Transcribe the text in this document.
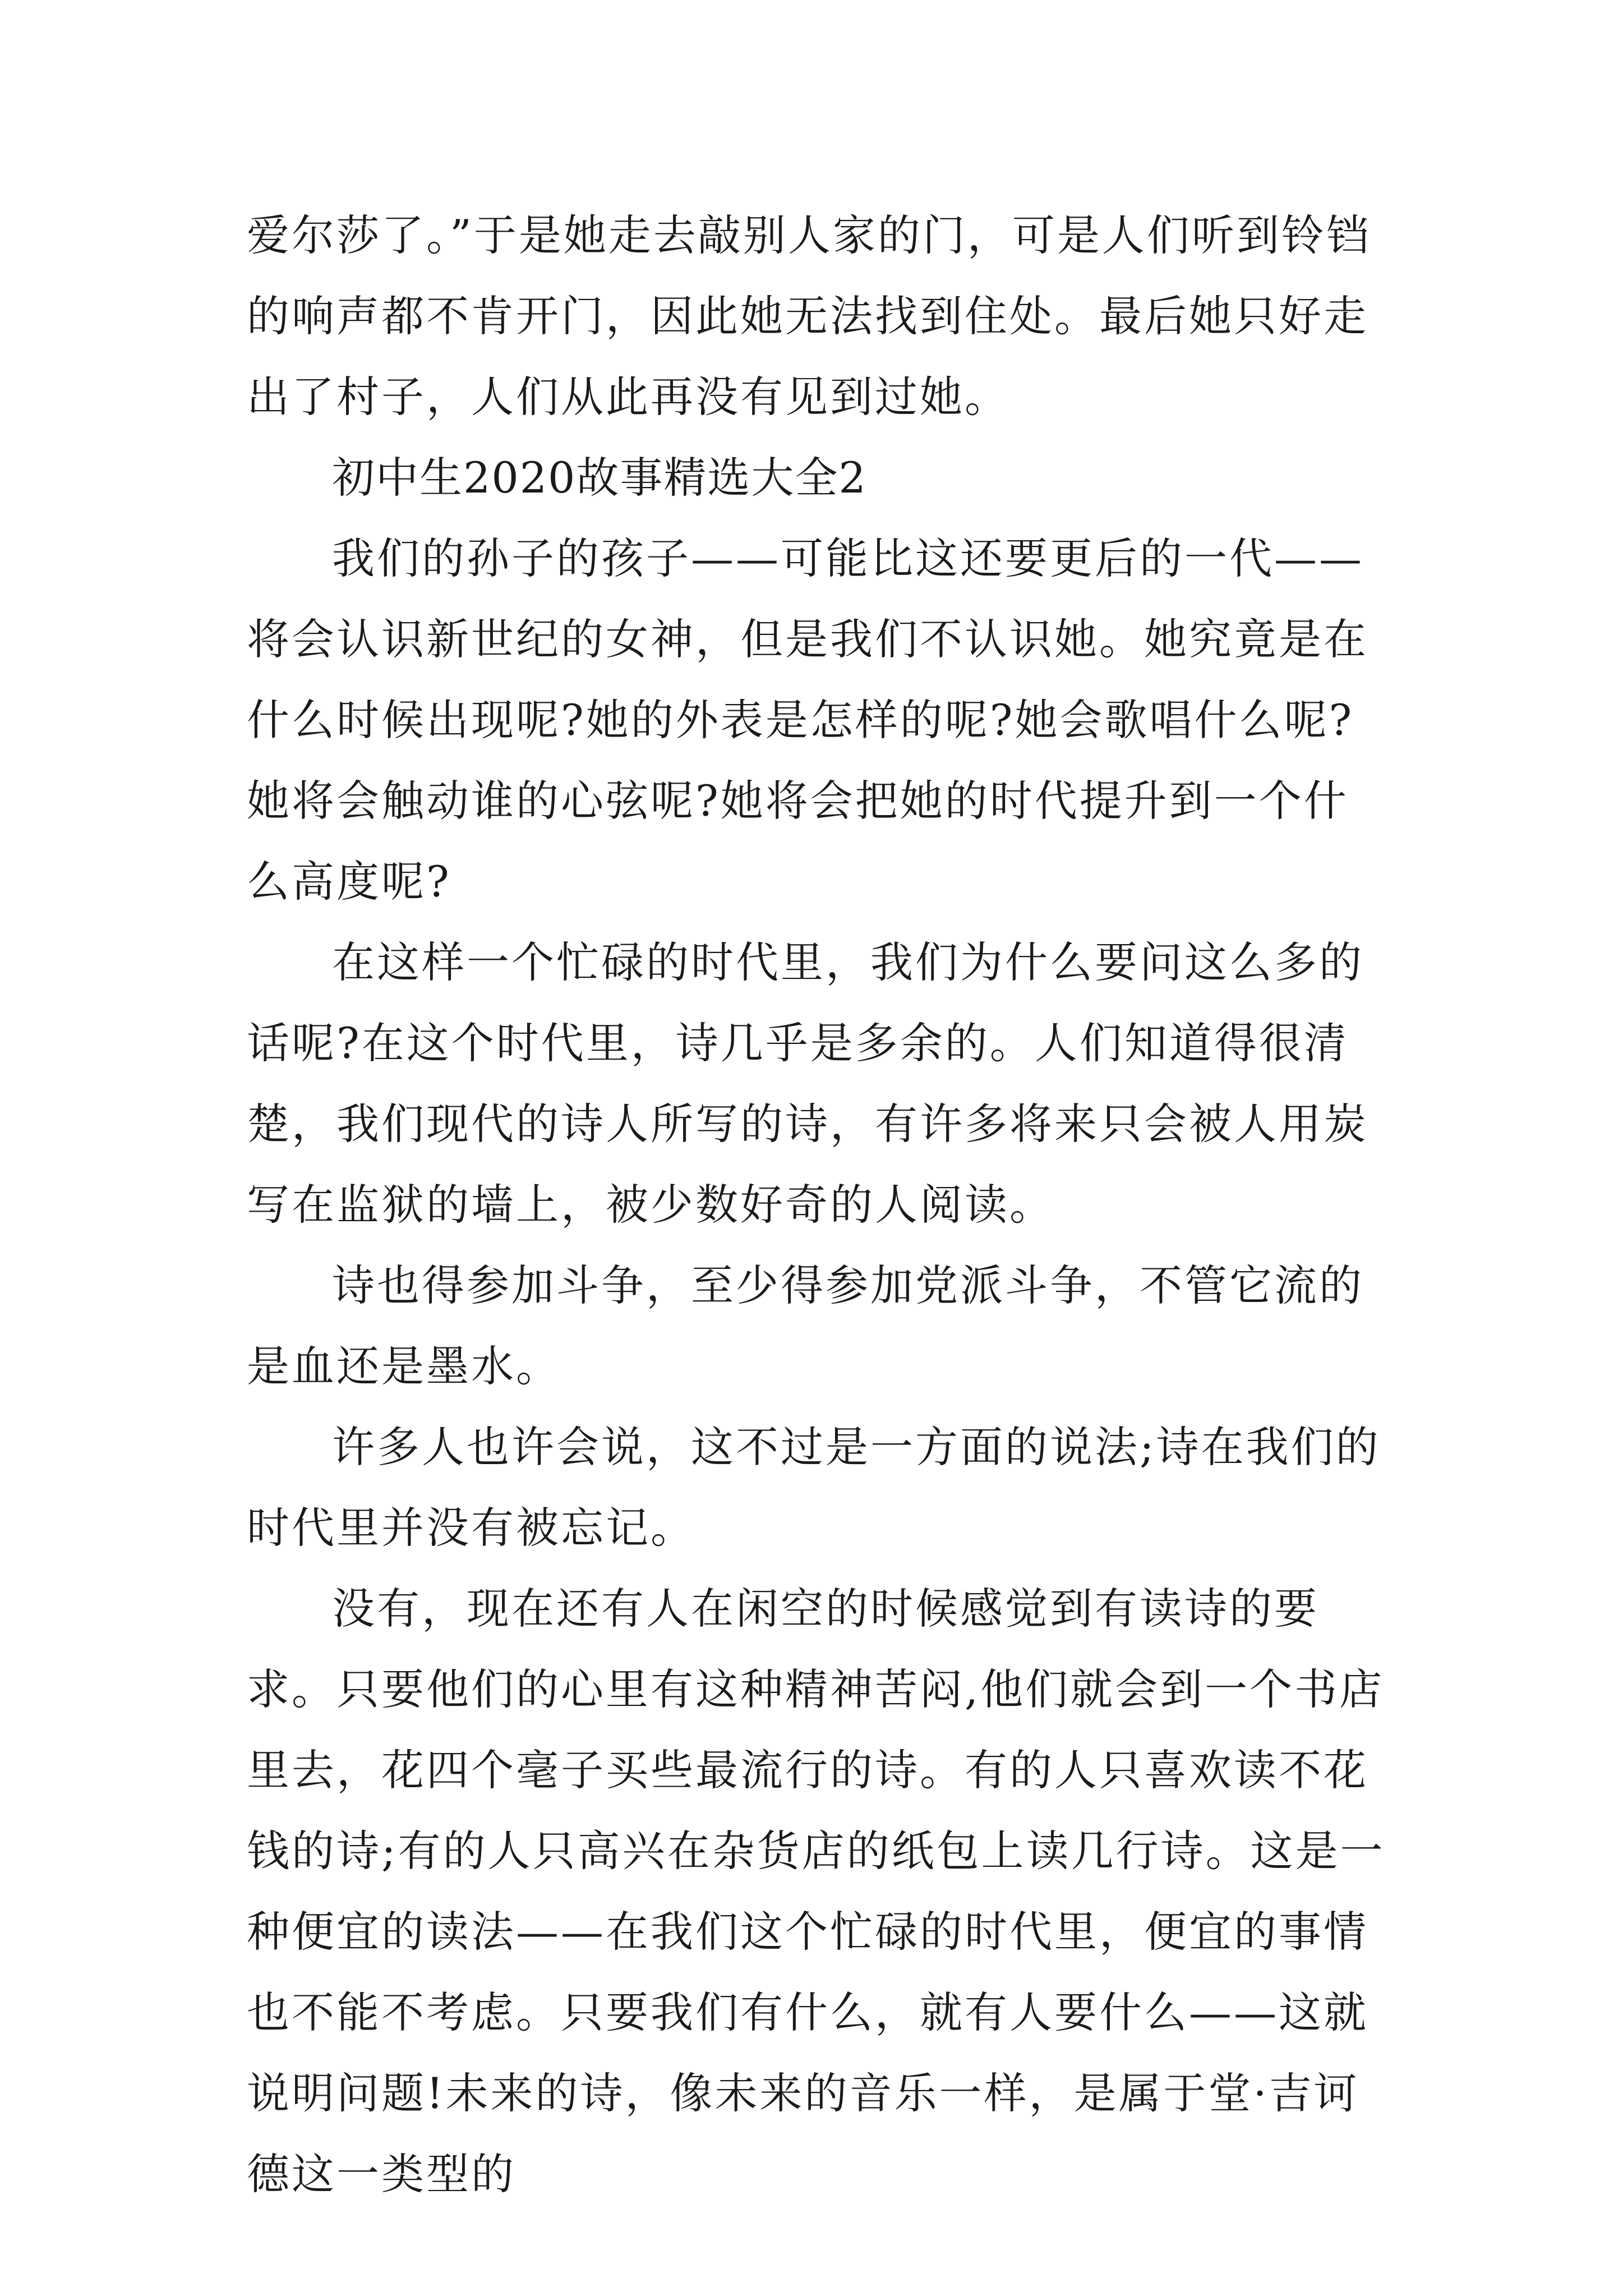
爱尔莎了。”于是她走去敲别人家的门，可是人们听到铃铛的响声都不肯开门，因此她无法找到住处。最后她只好走出了村子，人们从此再没有见到过她。

初中生2020故事精选大全2

我们的孙子的孩子——可能比这还要更后的一代——将会认识新世纪的女神，但是我们不认识她。她究竟是在什么时候出现呢?她的外表是怎样的呢?她会歌唱什么呢?她将会触动谁的心弦呢?她将会把她的时代提升到一个什么高度呢?

在这样一个忙碌的时代里，我们为什么要问这么多的话呢?在这个时代里，诗几乎是多余的。人们知道得很清楚，我们现代的诗人所写的诗，有许多将来只会被人用炭写在监狱的墙上，被少数好奇的人阅读。

诗也得参加斗争，至少得参加党派斗争，不管它流的是血还是墨水。

许多人也许会说，这不过是一方面的说法;诗在我们的时代里并没有被忘记。

没有，现在还有人在闲空的时候感觉到有读诗的要求。只要他们的心里有这种精神苦闷,他们就会到一个书店里去，花四个毫子买些最流行的诗。有的人只喜欢读不花钱的诗;有的人只高兴在杂货店的纸包上读几行诗。这是一种便宜的读法——在我们这个忙碌的时代里，便宜的事情也不能不考虑。只要我们有什么，就有人要什么——这就说明问题!未来的诗，像未来的音乐一样，是属于堂·吉诃德这一类型的
